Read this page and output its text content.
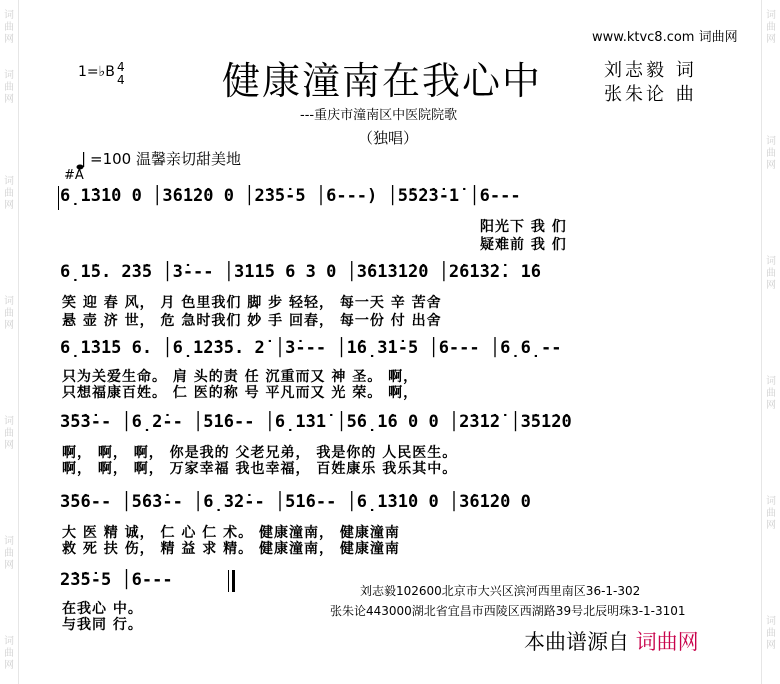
词
曲
网
词
曲
网
词
曲
网
词
曲
网
词
曲
网
词
曲
网
词
曲
网
词
曲
网
词
曲
网
词
曲
网
词
曲
网
词
曲
网
词
曲
网
www.ktvc8.com 词曲网
1=♭B 4
4	健康潼南在我心中	刘志毅 词
张朱论 曲
---重庆市潼南区中医院院歌
（独唱）
=100 温馨亲切甜美地
#A
6̣1̇3̇1̇0 0 │3̇6̇1̇2̇0 0 │2̇3̇5̇-5 │6---) │5̇5̇2̇3̇-1̇ │6---
阳光下 我 们
疑难前 我 们
6̣1̇5. 2̇3̇5 │3̇--- │3̇1̇1̇5 6 3 0 │3̇6̇1̇3̇1̇2̇0 │2̇6̇1̇3̇2̇. 1̇6
笑 迎 春 风， 月 色里我们 脚 步 轻轻， 每一天 辛 苦舍
悬 壶 济 世， 危 急时我们 妙 手 回春， 每一份 付 出舍
6̣1̇3̇1̇5 6. │6̣1̇2̇3̇5. 2̇ │3̇--- │1̇6̣3̇1̇-5 │6--- │6̣6̣--
只为关爱生命。 肩 头的责 任 沉重而又 神 圣。 啊，
只想福康百姓。 仁 医的称 号 平凡而又 光 荣。 啊，
3̇5̇3̇-- │6̣2̇-- │5̇1̇6-- │6̣1̇3̇1̇ │5̇6̣1̇6 0 0 │2̇3̇1̇2̇ │3̇5̇1̇2̇0
啊， 啊， 啊， 你是我的 父老兄弟， 我是你的 人民医生。
啊， 啊， 啊， 万家幸福 我也幸福， 百姓康乐 我乐其中。
3̇5̇6-- │5̇6̇3̇-- │6̣3̇2̇-- │5̇1̇6-- │6̣1̇3̇1̇0 0 │3̇6̇1̇2̇0 0
大 医 精 诚， 仁 心 仁 术。 健康潼南， 健康潼南
救 死 扶 伤， 精 益 求 精。 健康潼南， 健康潼南
2̇3̇5̇-5 │6---
在我心 中。
与我同 行。
刘志毅102600北京市大兴区滨河西里南区36-1-302
张朱论443000湖北省宜昌市西陵区西湖路39号北辰明珠3-1-3101
本曲谱源自 词曲网
